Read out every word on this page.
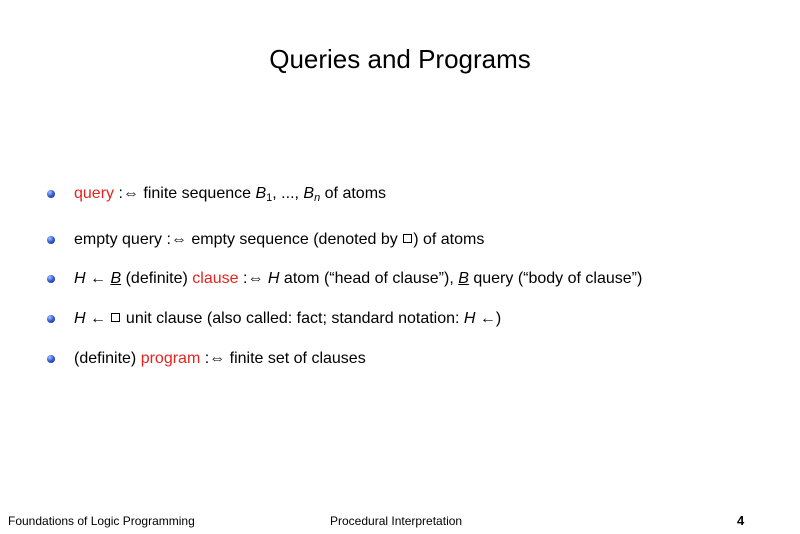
Queries and Programs
query :⇔ finite sequence $B_1$, ..., $B_n$ of atoms
empty query :⇔ empty sequence (denoted by ) of atoms
H ← B (definite) clause :⇔ H atom (“head of clause”), B query (“body of clause”)
H ← unit clause (also called: fact; standard notation: H ←)
(definite) program :⇔ finite set of clauses
Foundations of Logic Programming	Procedural Interpretation	4
